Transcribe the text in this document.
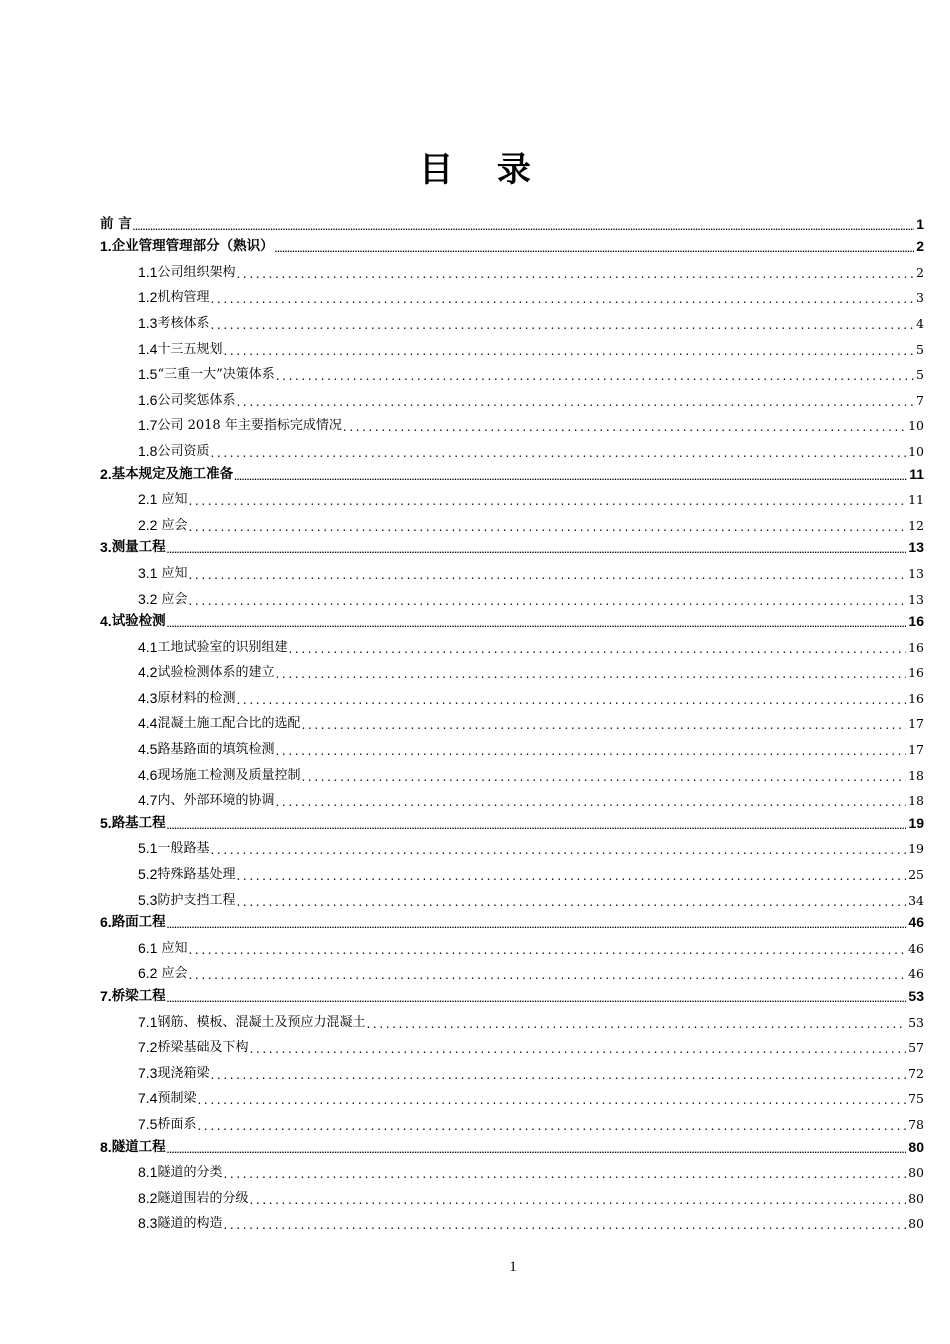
目 录
前 言 .....	1
1. 企业管理管理部分（熟识） .....	2
1.1 公司组织架构 .....	2
1.2 机构管理 .....	3
1.3 考核体系 .....	4
1.4 十三五规划 .....	5
1.5 “三重一大”决策体系 .....	5
1.6 公司奖惩体系 .....	7
1.7 公司 2018 年主要指标完成情况 .....	10
1.8 公司资质 .....	10
2. 基本规定及施工准备 .....	11
2.1 应知 .....	11
2.2 应会 .....	12
3. 测量工程 .....	13
3.1 应知 .....	13
3.2 应会 .....	13
4. 试验检测 .....	16
4.1 工地试验室的识别组建 .....	16
4.2 试验检测体系的建立 .....	16
4.3 原材料的检测 .....	16
4.4 混凝土施工配合比的选配 .....	17
4.5 路基路面的填筑检测 .....	17
4.6 现场施工检测及质量控制 .....	18
4.7 内、外部环境的协调 .....	18
5. 路基工程 .....	19
5.1 一般路基 .....	19
5.2 特殊路基处理 .....	25
5.3 防护支挡工程 .....	34
6. 路面工程 .....	46
6.1 应知 .....	46
6.2 应会 .....	46
7. 桥梁工程 .....	53
7.1 钢筋、模板、混凝土及预应力混凝土 .....	53
7.2 桥梁基础及下构 .....	57
7.3 现浇箱梁 .....	72
7.4 预制梁 .....	75
7.5 桥面系 .....	78
8. 隧道工程 .....	80
8.1 隧道的分类 .....	80
8.2 隧道围岩的分级 .....	80
8.3 隧道的构造 .....	80
1
